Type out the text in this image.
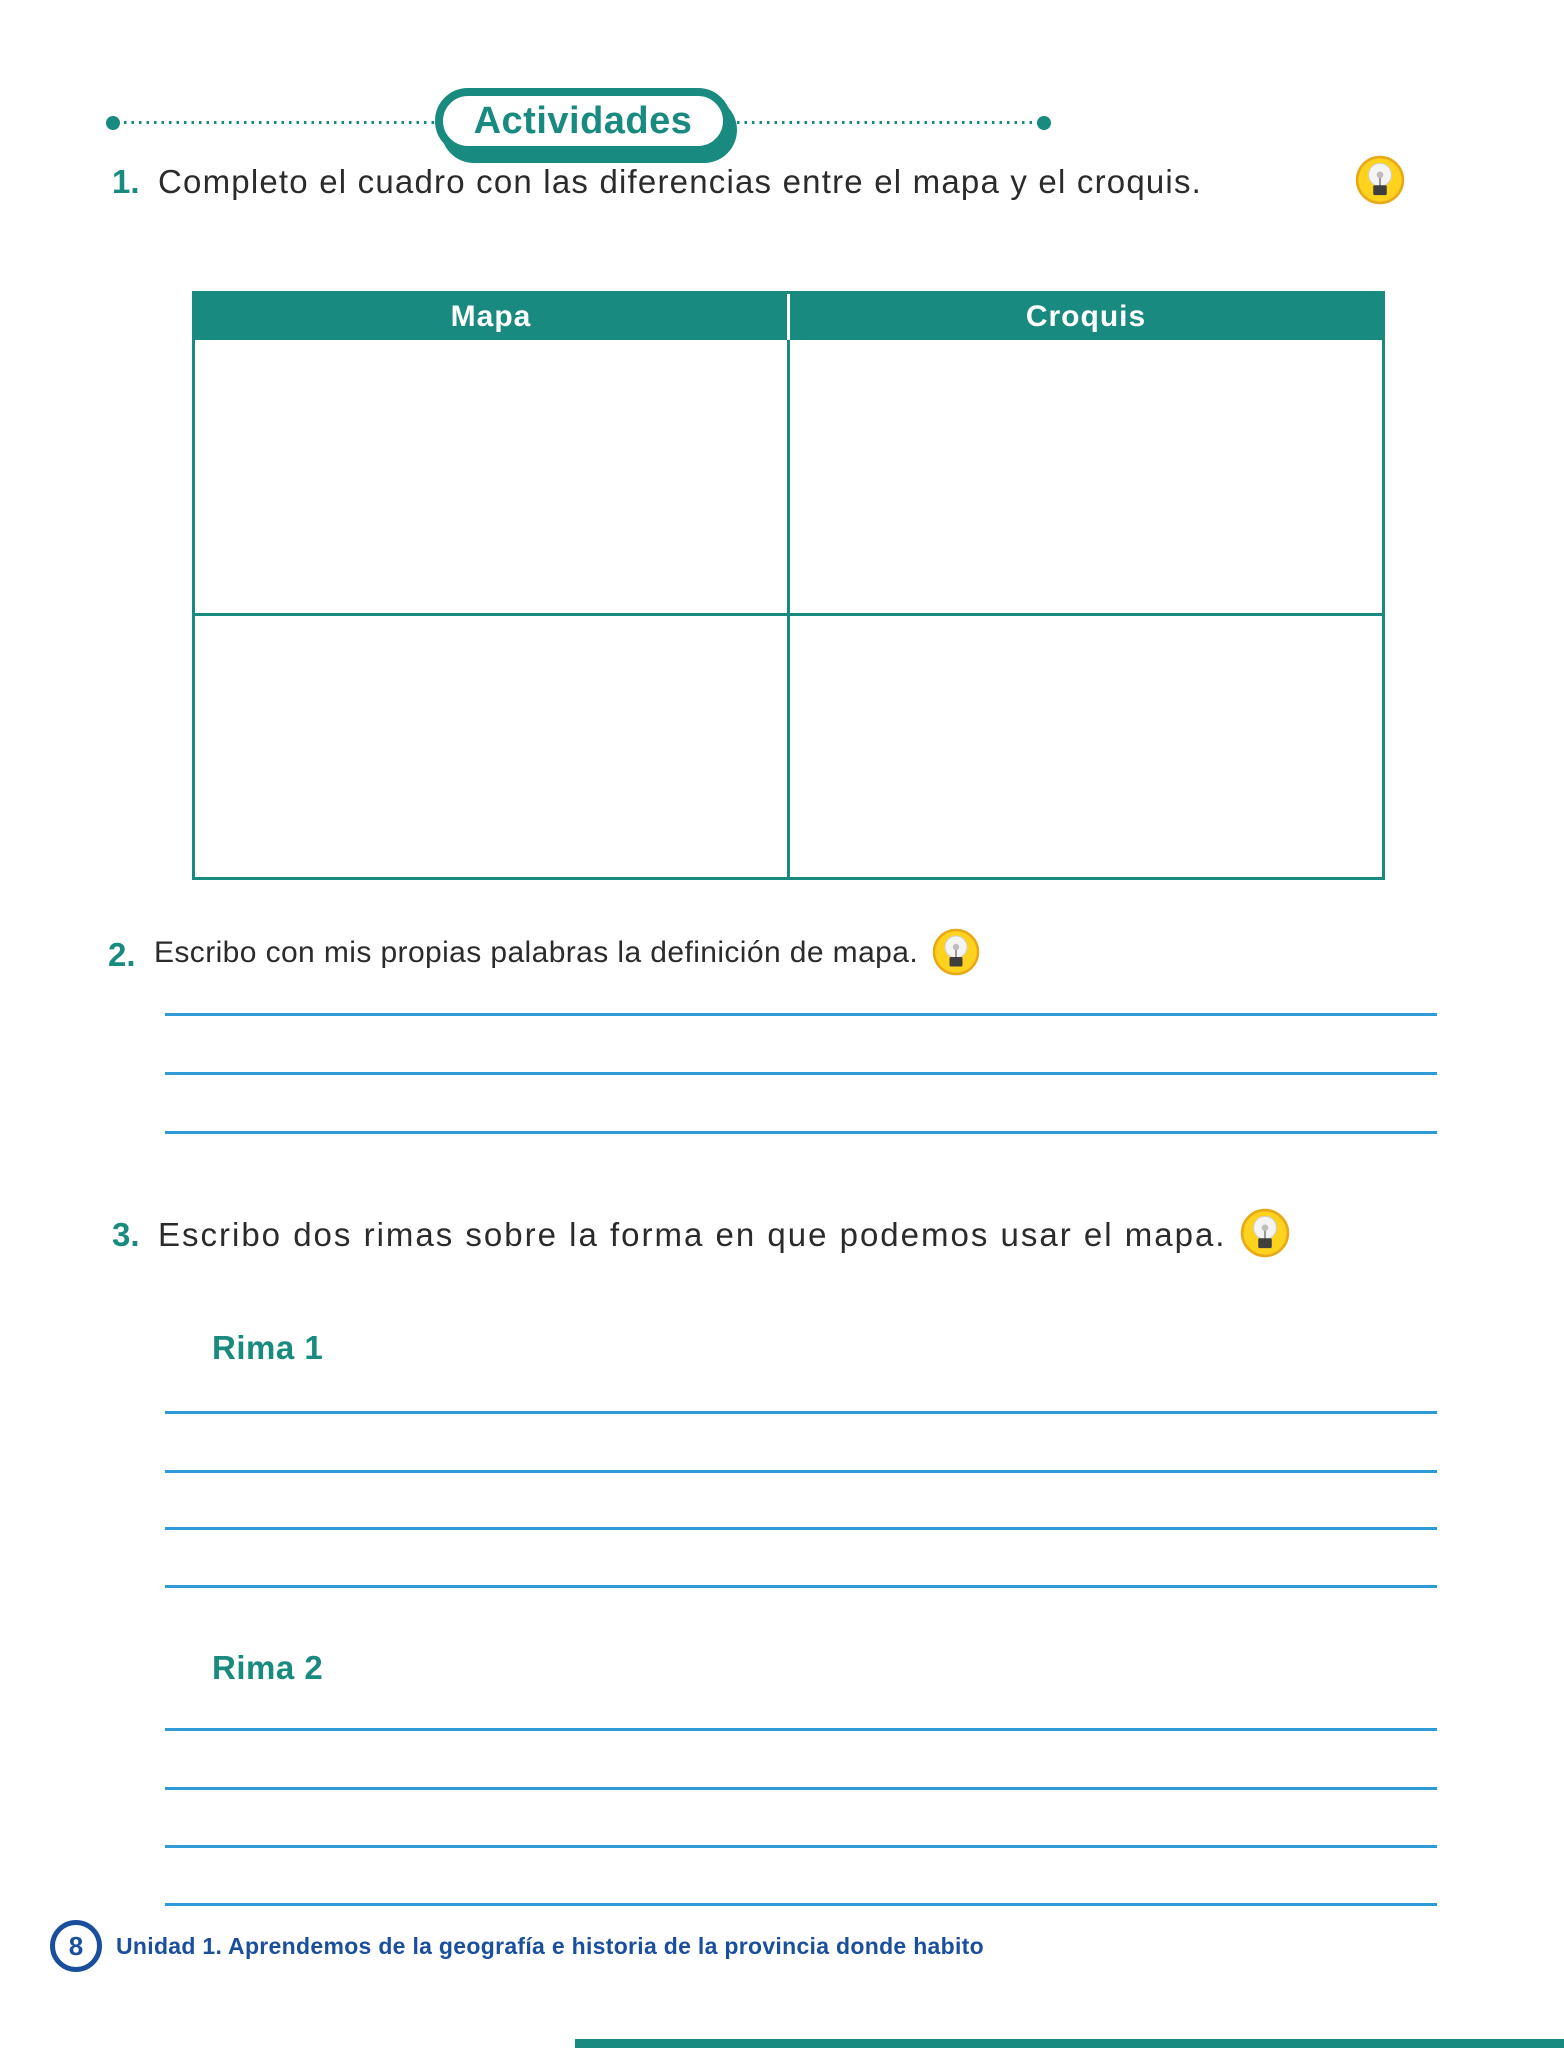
Actividades
1. Completo el cuadro con las diferencias entre el mapa y el croquis.
Mapa	Croquis
2. Escribo con mis propias palabras la definición de mapa.
3. Escribo dos rimas sobre la forma en que podemos usar el mapa.
Rima 1
Rima 2
8 Unidad 1. Aprendemos de la geografía e historia de la provincia donde habito
